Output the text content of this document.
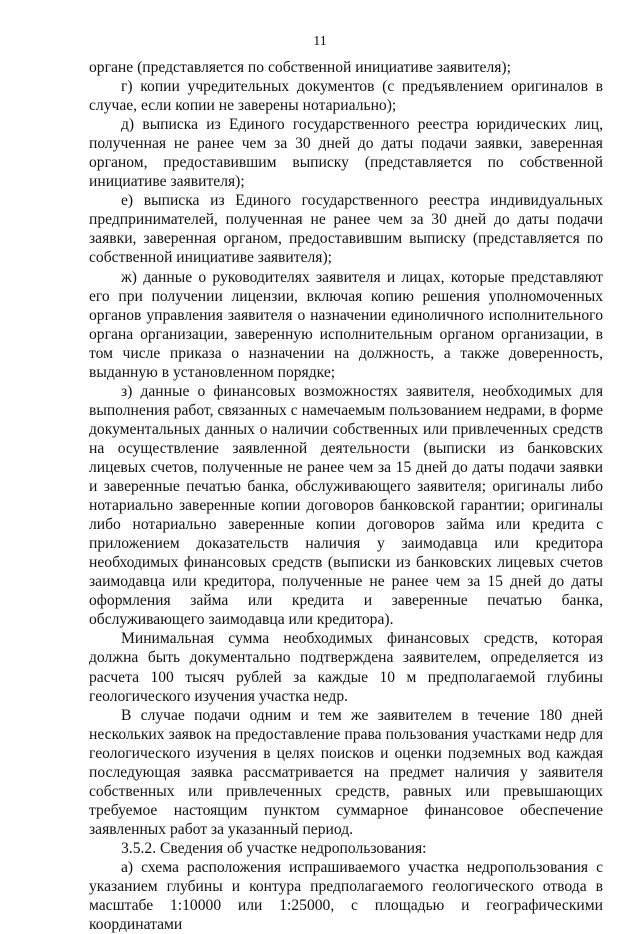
11

органе (представляется по собственной инициативе заявителя);

г) копии учредительных документов (с предъявлением оригиналов в случае, если копии не заверены нотариально);

д) выписка из Единого государственного реестра юридических лиц, полученная не ранее чем за 30 дней до даты подачи заявки, заверенная органом, предоставившим выписку (представляется по собственной инициативе заявителя);

е) выписка из Единого государственного реестра индивидуальных предпринимателей, полученная не ранее чем за 30 дней до даты подачи заявки, заверенная органом, предоставившим выписку (представляется по собственной инициативе заявителя);

ж) данные о руководителях заявителя и лицах, которые представляют его при получении лицензии, включая копию решения уполномоченных органов управления заявителя о назначении единоличного исполнительного органа организации, заверенную исполнительным органом организации, в том числе приказа о назначении на должность, а также доверенность, выданную в установленном порядке;

з) данные о финансовых возможностях заявителя, необходимых для выполнения работ, связанных с намечаемым пользованием недрами, в форме документальных данных о наличии собственных или привлеченных средств на осуществление заявленной деятельности (выписки из банковских лицевых счетов, полученные не ранее чем за 15 дней до даты подачи заявки и заверенные печатью банка, обслуживающего заявителя; оригиналы либо нотариально заверенные копии договоров банковской гарантии; оригиналы либо нотариально заверенные копии договоров займа или кредита с приложением доказательств наличия у заимодавца или кредитора необходимых финансовых средств (выписки из банковских лицевых счетов заимодавца или кредитора, полученные не ранее чем за 15 дней до даты оформления займа или кредита и заверенные печатью банка, обслуживающего заимодавца или кредитора).

Минимальная сумма необходимых финансовых средств, которая должна быть документально подтверждена заявителем, определяется из расчета 100 тысяч рублей за каждые 10 м предполагаемой глубины геологического изучения участка недр.

В случае подачи одним и тем же заявителем в течение 180 дней нескольких заявок на предоставление права пользования участками недр для геологического изучения в целях поисков и оценки подземных вод каждая последующая заявка рассматривается на предмет наличия у заявителя собственных или привлеченных средств, равных или превышающих требуемое настоящим пунктом суммарное финансовое обеспечение заявленных работ за указанный период.

3.5.2. Сведения об участке недропользования:

а) схема расположения испрашиваемого участка недропользования с указанием глубины и контура предполагаемого геологического отвода в масштабе 1:10000 или 1:25000, с площадью и географическими координатами
